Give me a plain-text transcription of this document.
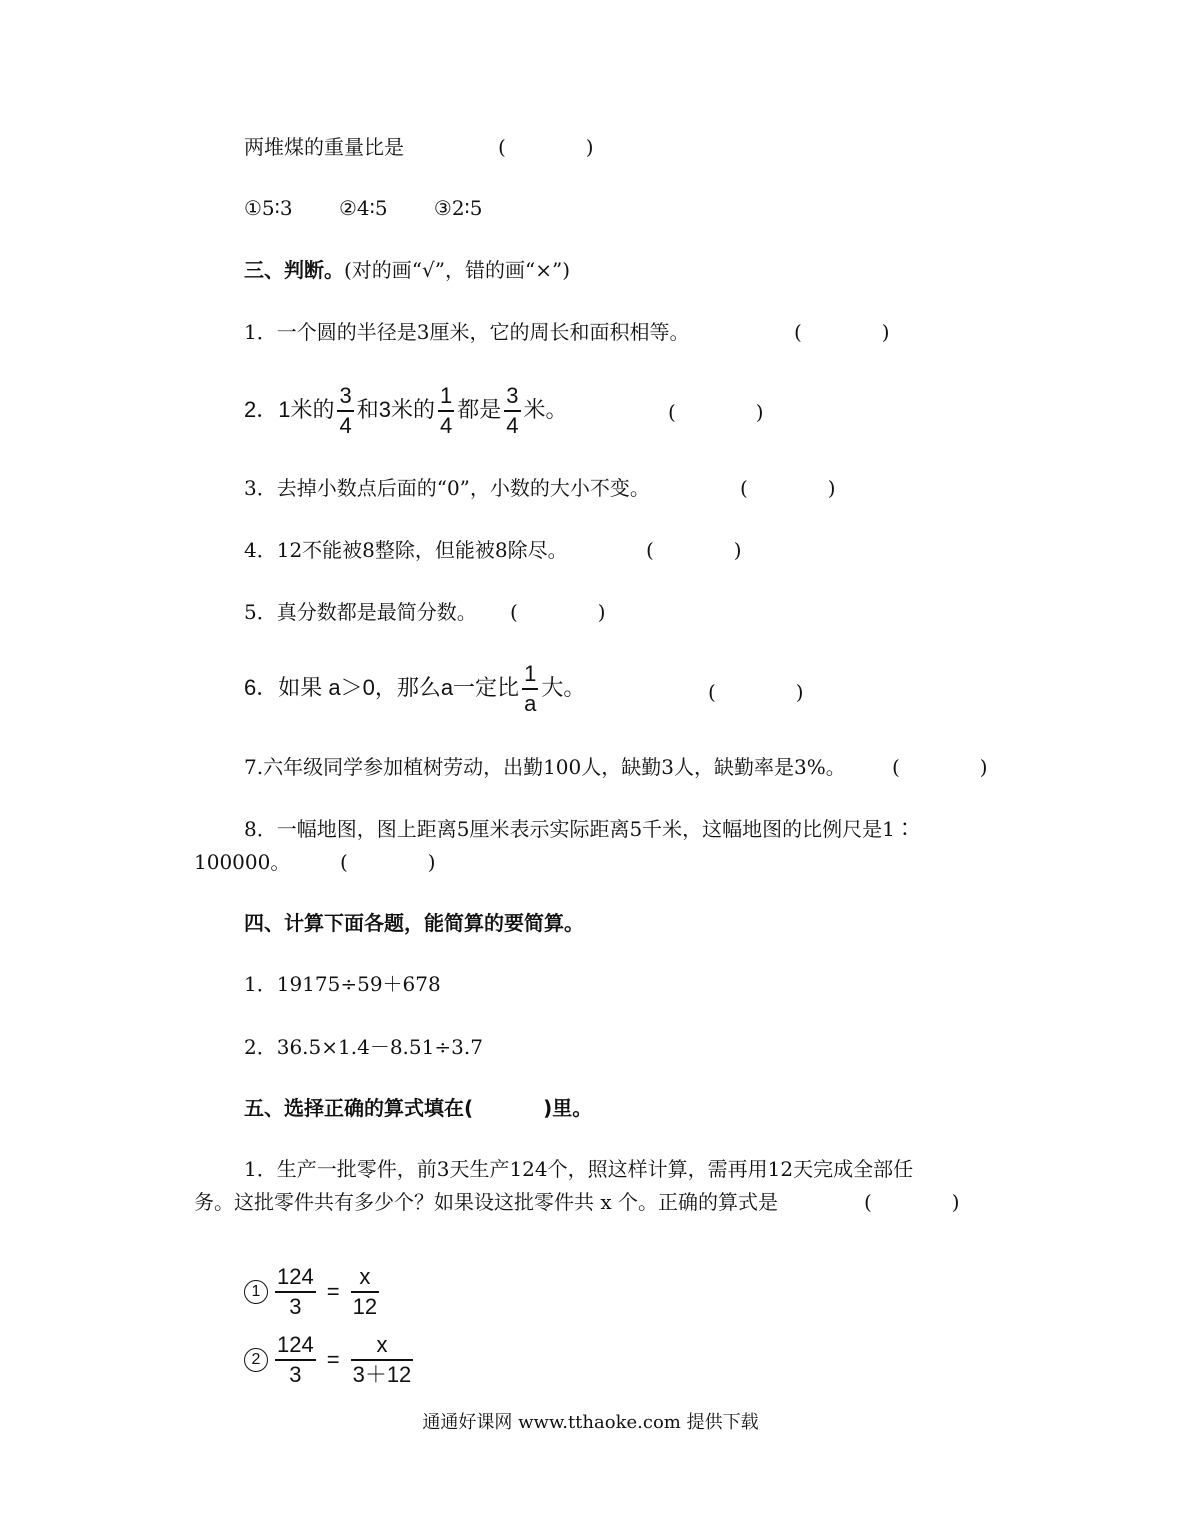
两堆煤的重量比是	(　　　　)
①5∶3 ②4∶5 ③2∶5
三、判断。(对的画“√”，错的画“×”)
1．一个圆的半径是3厘米，它的周长和面积相等。	(　　　　)
2．1米的 $\frac{3}{4}$ 和3米的 $\frac{1}{4}$ 都是 $\frac{3}{4}$ 米。	(　　　　)
3．去掉小数点后面的“0”，小数的大小不变。	(　　　　)
4．12不能被8整除，但能被8除尽。	(　　　　)
5．真分数都是最简分数。 (　　　　)
6．如果 a＞0，那么a一定比 $\frac{1}{a}$ 大。	(　　　　)
7.六年级同学参加植树劳动，出勤100人，缺勤3人，缺勤率是3%。 (　　　　)
8．一幅地图，图上距离5厘米表示实际距离5千米，这幅地图的比例尺是1∶
100000。 (　　　　)
四、计算下面各题，能简算的要简算。
1．19175÷59＋678
2．36.5×1.4－8.51÷3.7
五、选择正确的算式填在(	)里。
1．生产一批零件，前3天生产124个，照这样计算，需再用12天完成全部任
务。这批零件共有多少个？如果设这批零件共 x 个。正确的算式是	(　　　　)
$1 \frac{124}{3} = \frac{x}{12}$
$2 \frac{124}{3} = \frac{x}{3+12}$
通通好课网 www.tthaoke.com 提供下载
